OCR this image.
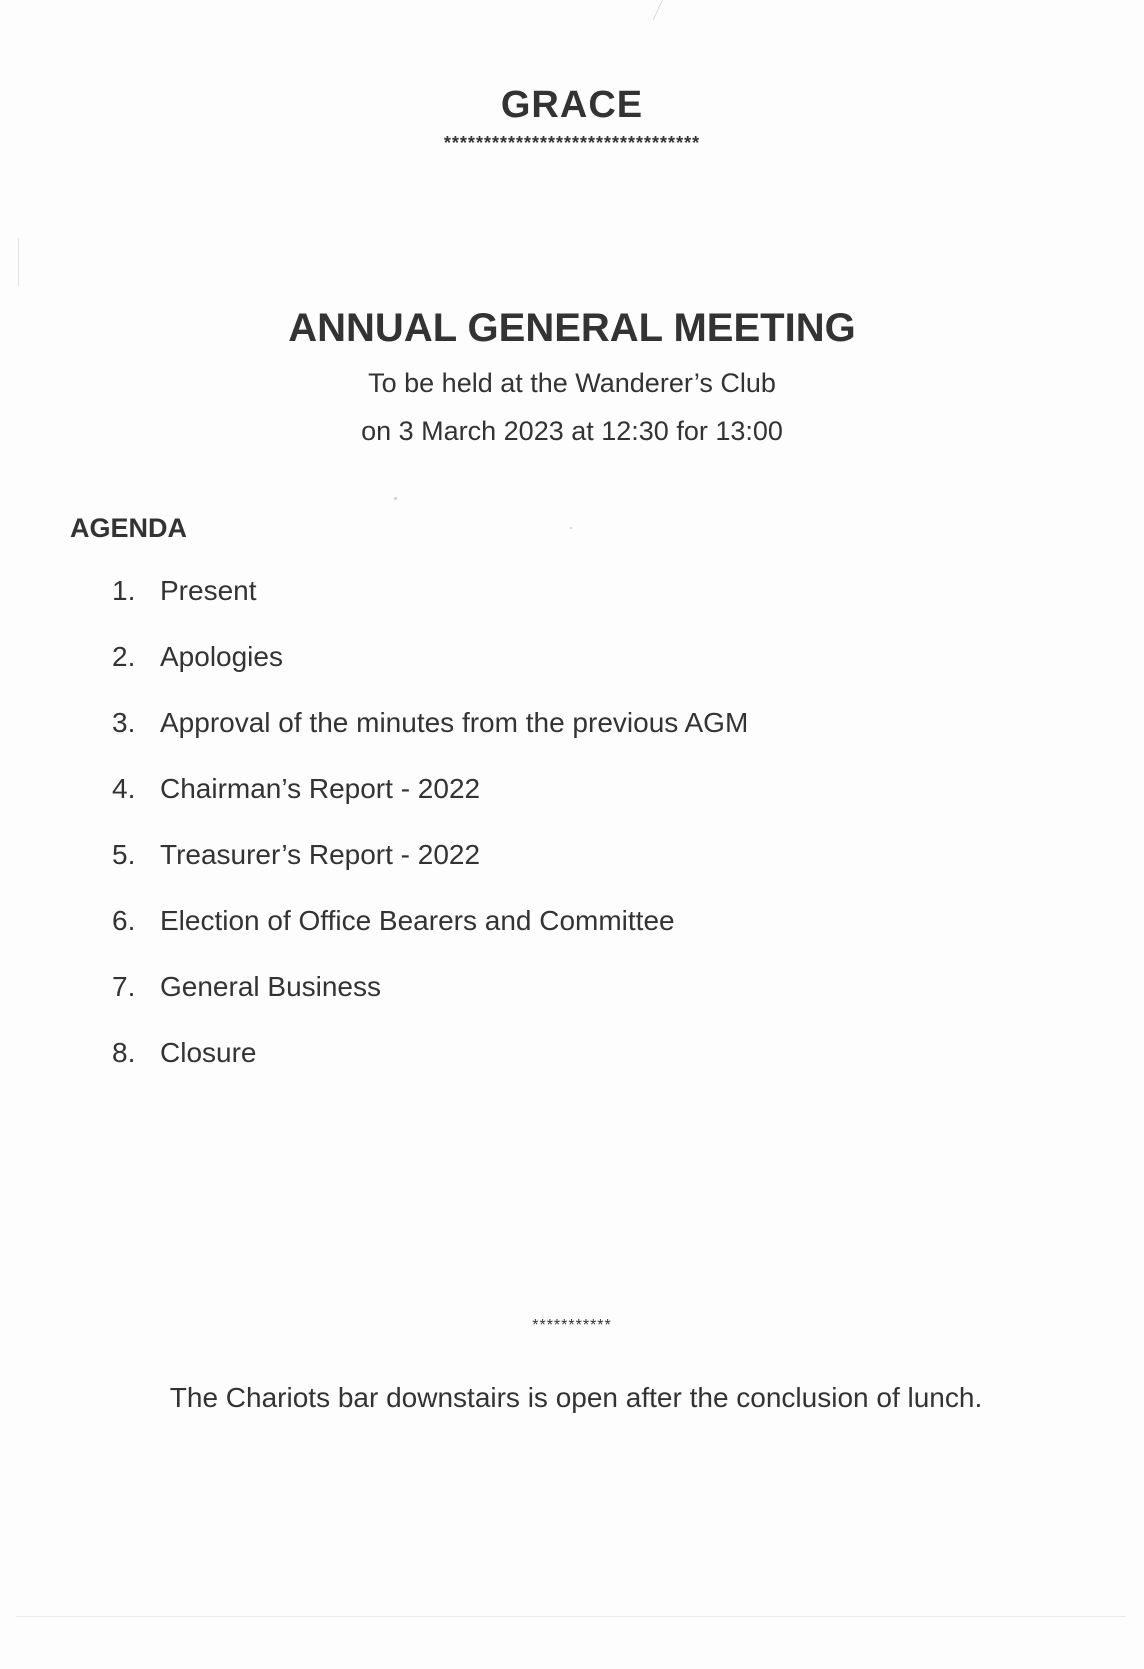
GRACE
********************************
ANNUAL GENERAL MEETING
To be held at the Wanderer’s Club
on 3 March 2023 at 12:30 for 13:00
AGENDA
1. Present
2. Apologies
3. Approval of the minutes from the previous AGM
4. Chairman’s Report - 2022
5. Treasurer’s Report - 2022
6. Election of Office Bearers and Committee
7. General Business
8. Closure
***********
The Chariots bar downstairs is open after the conclusion of lunch.
